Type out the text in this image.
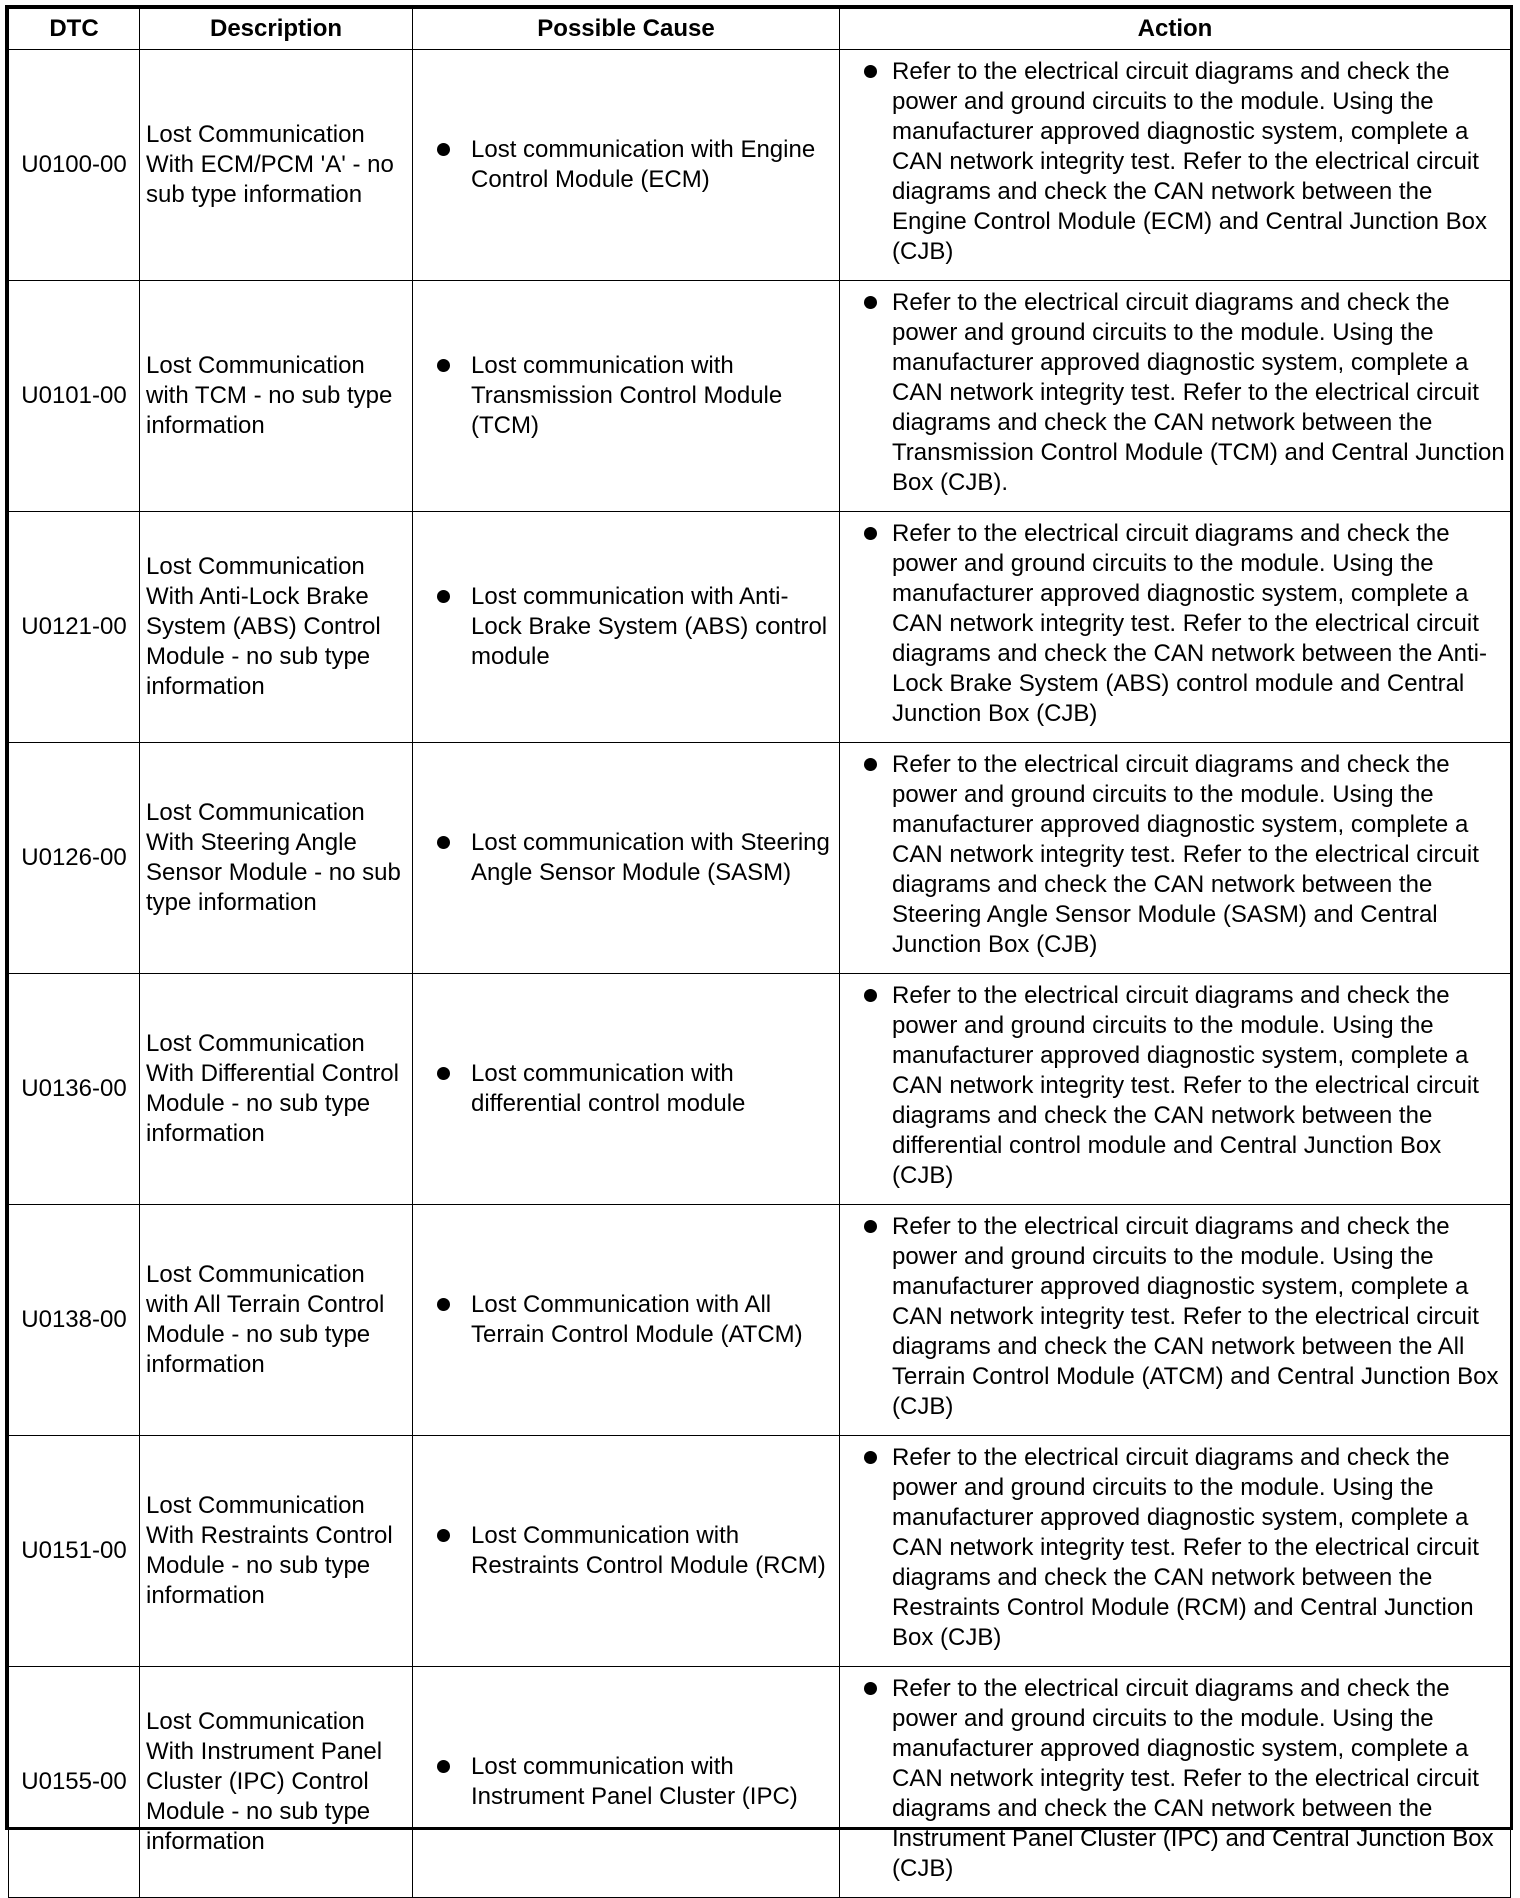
DTC	Description	Possible Cause	Action
U0100-00	Lost Communication With ECM/PCM 'A' - no sub type information	Lost communication with Engine Control Module (ECM)	Refer to the electrical circuit diagrams and check the power and ground circuits to the module. Using the manufacturer approved diagnostic system, complete a CAN network integrity test. Refer to the electrical circuit diagrams and check the CAN network between the Engine Control Module (ECM) and Central Junction Box (CJB)

U0101-00	Lost Communication with TCM - no sub type information	Lost communication with Transmission Control Module (TCM)	Refer to the electrical circuit diagrams and check the power and ground circuits to the module. Using the manufacturer approved diagnostic system, complete a CAN network integrity test. Refer to the electrical circuit diagrams and check the CAN network between the Transmission Control Module (TCM) and Central Junction Box (CJB).

U0121-00	Lost Communication With Anti-Lock Brake System (ABS) Control Module - no sub type information	Lost communication with Anti-Lock Brake System (ABS) control module	Refer to the electrical circuit diagrams and check the power and ground circuits to the module. Using the manufacturer approved diagnostic system, complete a CAN network integrity test. Refer to the electrical circuit diagrams and check the CAN network between the Anti-Lock Brake System (ABS) control module and Central Junction Box (CJB)

U0126-00	Lost Communication With Steering Angle Sensor Module - no sub type information	Lost communication with Steering Angle Sensor Module (SASM)	Refer to the electrical circuit diagrams and check the power and ground circuits to the module. Using the manufacturer approved diagnostic system, complete a CAN network integrity test. Refer to the electrical circuit diagrams and check the CAN network between the Steering Angle Sensor Module (SASM) and Central Junction Box (CJB)

U0136-00	Lost Communication With Differential Control Module - no sub type information	Lost communication with differential control module	Refer to the electrical circuit diagrams and check the power and ground circuits to the module. Using the manufacturer approved diagnostic system, complete a CAN network integrity test. Refer to the electrical circuit diagrams and check the CAN network between the differential control module and Central Junction Box (CJB)

U0138-00	Lost Communication with All Terrain Control Module - no sub type information	Lost Communication with All Terrain Control Module (ATCM)	Refer to the electrical circuit diagrams and check the power and ground circuits to the module. Using the manufacturer approved diagnostic system, complete a CAN network integrity test. Refer to the electrical circuit diagrams and check the CAN network between the All Terrain Control Module (ATCM) and Central Junction Box (CJB)

U0151-00	Lost Communication With Restraints Control Module - no sub type information	Lost Communication with Restraints Control Module (RCM)	Refer to the electrical circuit diagrams and check the power and ground circuits to the module. Using the manufacturer approved diagnostic system, complete a CAN network integrity test. Refer to the electrical circuit diagrams and check the CAN network between the Restraints Control Module (RCM) and Central Junction Box (CJB)

U0155-00	Lost Communication With Instrument Panel Cluster (IPC) Control Module - no sub type information	Lost communication with Instrument Panel Cluster (IPC)	Refer to the electrical circuit diagrams and check the power and ground circuits to the module. Using the manufacturer approved diagnostic system, complete a CAN network integrity test. Refer to the electrical circuit diagrams and check the CAN network between the Instrument Panel Cluster (IPC) and Central Junction Box (CJB)
